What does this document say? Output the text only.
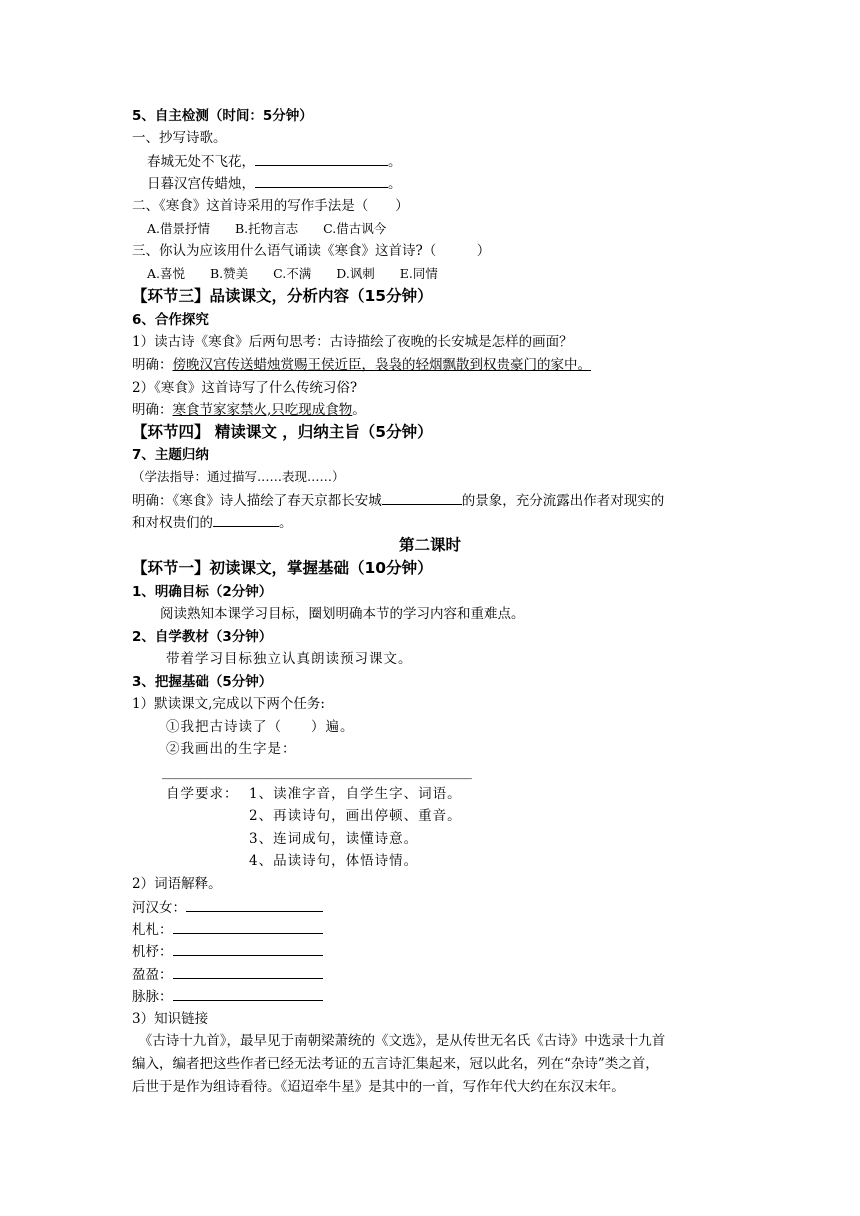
5、自主检测（时间：5分钟）
一、抄写诗歌。
春城无处不飞花，	。
日暮汉宫传蜡烛，	。
二、《寒食》这首诗采用的写作手法是（　　）
A.借景抒情　　B.托物言志　　C.借古讽今
三、你认为应该用什么语气诵读《寒食》这首诗?（　　　）
A.喜悦　　B.赞美　　C.不满　　D.讽刺　　E.同情
【环节三】品读课文，分析内容（15分钟）
6、合作探究
1）读古诗《寒食》后两句思考：古诗描绘了夜晚的长安城是怎样的画面？
明确：傍晚汉宫传送蜡烛赏赐王侯近臣，袅袅的轻烟飘散到权贵豪门的家中。
2）《寒食》这首诗写了什么传统习俗?
明确：寒食节家家禁火,只吃现成食物。
【环节四】 精读课文 ，归纳主旨（5分钟）
7、主题归纳
（学法指导：通过描写……表现……）
明确：《寒食》诗人描绘了春天京都长安城	的景象，充分流露出作者对现实的
和对权贵们的	。
第二课时
【环节一】初读课文，掌握基础（10分钟）
1、明确目标（2分钟）
阅读熟知本课学习目标，圈划明确本节的学习内容和重难点。
2、自学教材（3分钟）
带着学习目标独立认真朗读预习课文。
3、把握基础（5分钟）
1）默读课文,完成以下两个任务:
①我把古诗读了（　　）遍。
②我画出的生字是：
________________________________________________
自学要求： 1、读准字音，自学生字、词语。
2、再读诗句，画出停顿、重音。
3、连词成句，读懂诗意。
4、品读诗句，体悟诗情。
2）词语解释。
河汉女：
札札：
机杼：
盈盈：
脉脉：
3）知识链接
　《古诗十九首》，最早见于南朝梁萧统的《文选》，是从传世无名氏《古诗》中选录十九首
编入，编者把这些作者已经无法考证的五言诗汇集起来，冠以此名，列在“杂诗”类之首，
后世于是作为组诗看待。《迢迢牵牛星》是其中的一首，写作年代大约在东汉末年。
